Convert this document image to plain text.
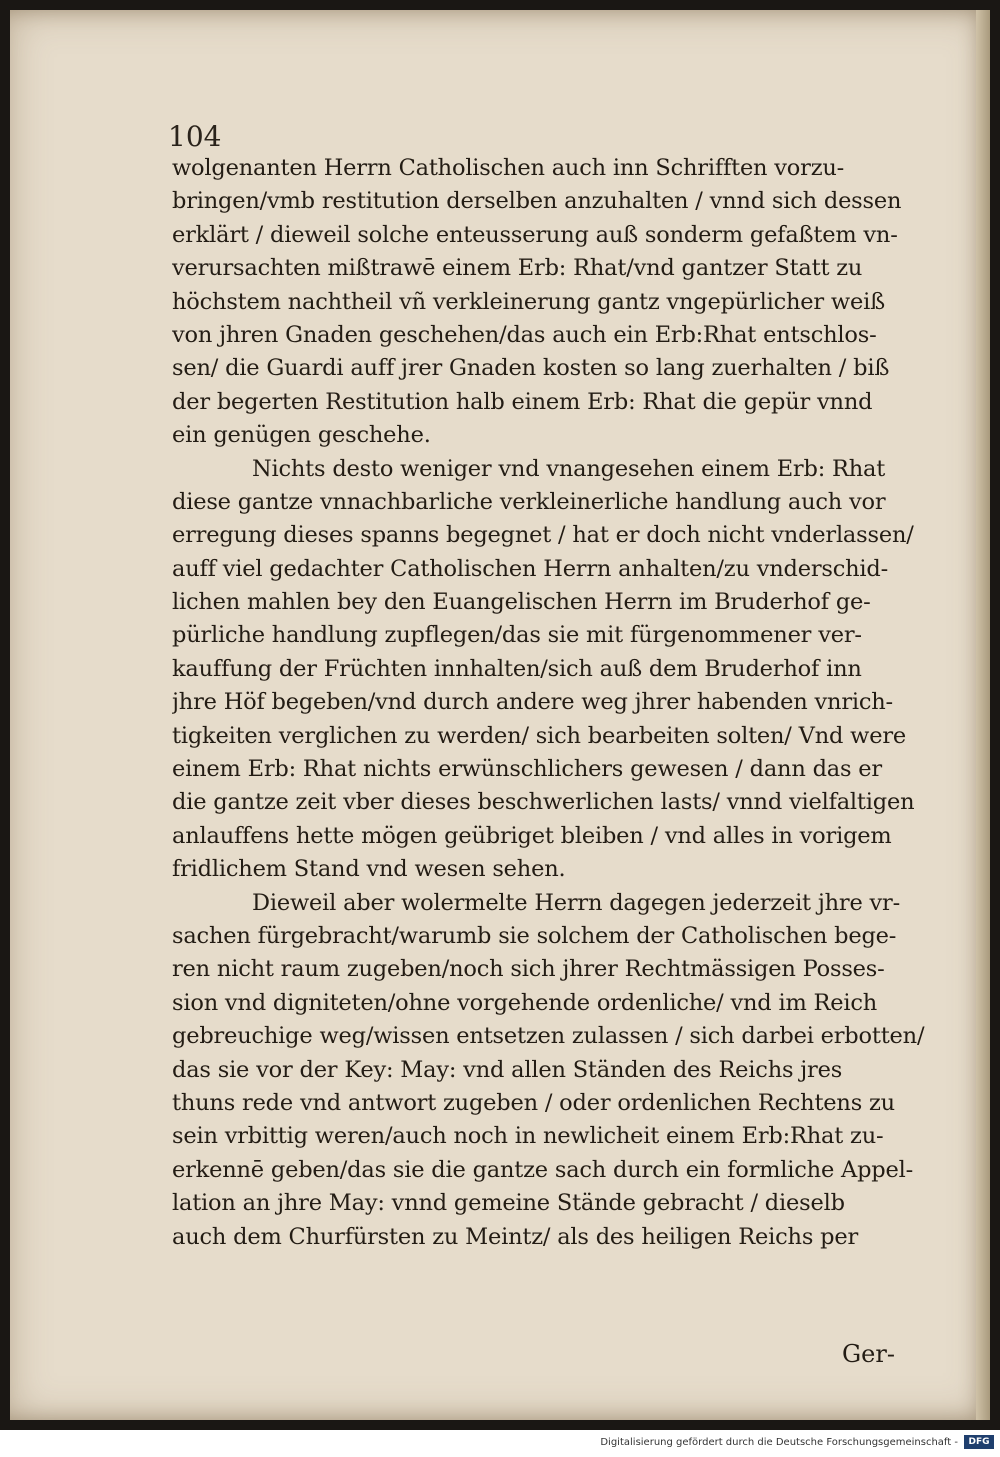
104
wolgenanten Herrn Catholischen auch inn Schrifften vorzu-
bringen/vmb restitution derselben anzuhalten / vnnd sich dessen
erklärt / dieweil solche enteusserung auß sonderm gefaßtem vn-
verursachten mißtrawē einem Erb: Rhat/vnd gantzer Statt zu
höchstem nachtheil vñ verkleinerung gantz vngepürlicher weiß
von jhren Gnaden geschehen/das auch ein Erb:Rhat entschlos-
sen/ die Guardi auff jrer Gnaden kosten so lang zuerhalten / biß
der begerten Restitution halb einem Erb: Rhat die gepür vnnd
ein genügen geschehe.
Nichts desto weniger vnd vnangesehen einem Erb: Rhat
diese gantze vnnachbarliche verkleinerliche handlung auch vor
erregung dieses spanns begegnet / hat er doch nicht vnderlassen/
auff viel gedachter Catholischen Herrn anhalten/zu vnderschid-
lichen mahlen bey den Euangelischen Herrn im Bruderhof ge-
pürliche handlung zupflegen/das sie mit fürgenommener ver-
kauffung der Früchten innhalten/sich auß dem Bruderhof inn
jhre Höf begeben/vnd durch andere weg jhrer habenden vnrich-
tigkeiten verglichen zu werden/ sich bearbeiten solten/ Vnd were
einem Erb: Rhat nichts erwünschlichers gewesen / dann das er
die gantze zeit vber dieses beschwerlichen lasts/ vnnd vielfaltigen
anlauffens hette mögen geübriget bleiben / vnd alles in vorigem
fridlichem Stand vnd wesen sehen.
Dieweil aber wolermelte Herrn dagegen jederzeit jhre vr-
sachen fürgebracht/warumb sie solchem der Catholischen bege-
ren nicht raum zugeben/noch sich jhrer Rechtmässigen Posses-
sion vnd digniteten/ohne vorgehende ordenliche/ vnd im Reich
gebreuchige weg/wissen entsetzen zulassen / sich darbei erbotten/
das sie vor der Key: May: vnd allen Ständen des Reichs jres
thuns rede vnd antwort zugeben / oder ordenlichen Rechtens zu
sein vrbittig weren/auch noch in newlicheit einem Erb:Rhat zu-
erkennē geben/das sie die gantze sach durch ein formliche Appel-
lation an jhre May: vnnd gemeine Stände gebracht / dieselb
auch dem Churfürsten zu Meintz/ als des heiligen Reichs per
Ger-
Digitalisierung gefördert durch die Deutsche Forschungsgemeinschaft -	DFG
